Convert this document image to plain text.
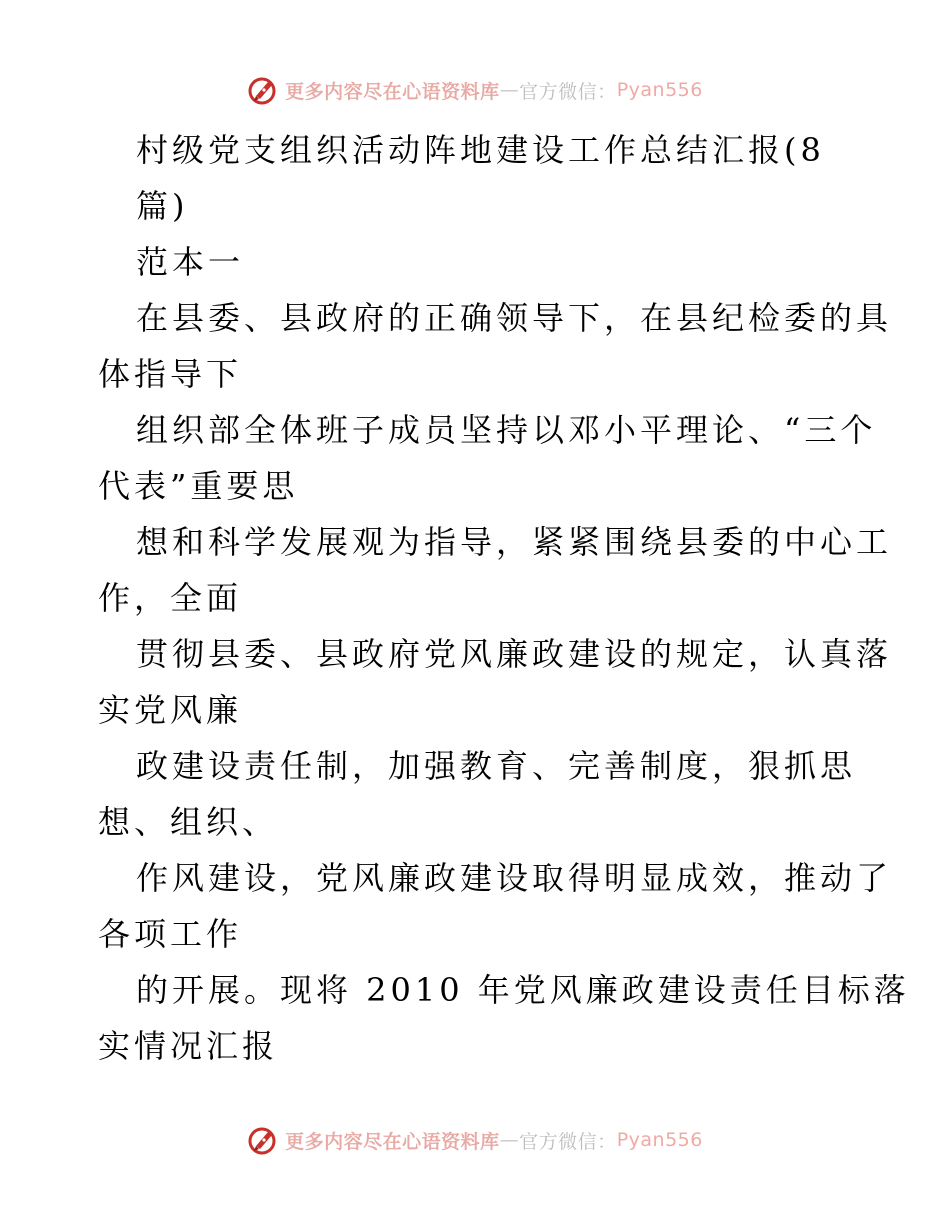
更多内容尽在心语资料库 — 官方微信： Pyan556
村级党支组织活动阵地建设工作总结汇报(8
篇)
范本一
在县委、县政府的正确领导下，在县纪检委的具
体指导下
组织部全体班子成员坚持以邓小平理论、“三个
代表”重要思
想和科学发展观为指导，紧紧围绕县委的中心工
作，全面
贯彻县委、县政府党风廉政建设的规定，认真落
实党风廉
政建设责任制，加强教育、完善制度，狠抓思
想、组织、
作风建设，党风廉政建设取得明显成效，推动了
各项工作
的开展。现将 2010 年党风廉政建设责任目标落
实情况汇报
更多内容尽在心语资料库 — 官方微信： Pyan556
